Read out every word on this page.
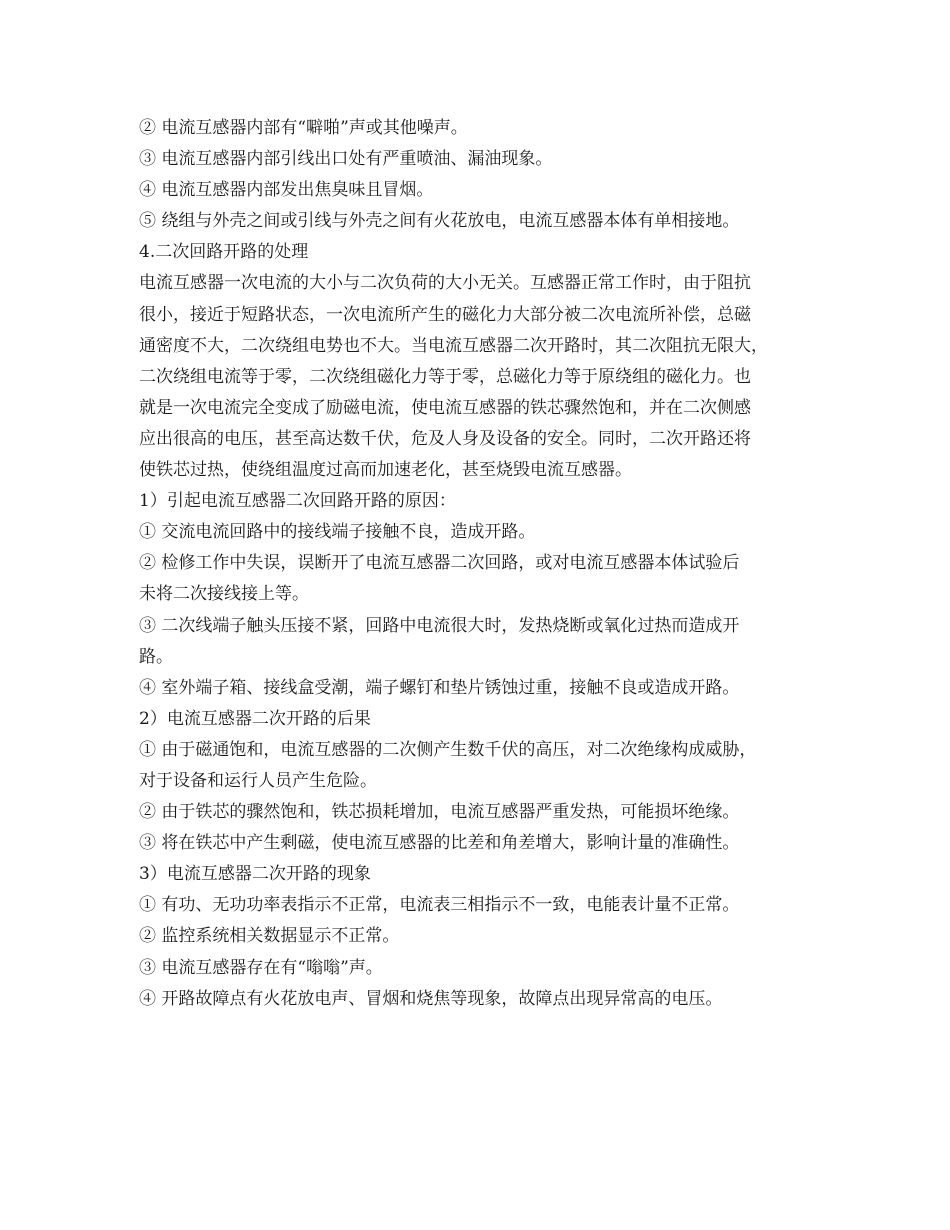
② 电流互感器内部有“噼啪”声或其他噪声。

③ 电流互感器内部引线出口处有严重喷油、漏油现象。

④ 电流互感器内部发出焦臭味且冒烟。

⑤ 绕组与外壳之间或引线与外壳之间有火花放电，电流互感器本体有单相接地。

4.二次回路开路的处理

电流互感器一次电流的大小与二次负荷的大小无关。互感器正常工作时，由于阻抗

很小，接近于短路状态，一次电流所产生的磁化力大部分被二次电流所补偿，总磁

通密度不大，二次绕组电势也不大。当电流互感器二次开路时，其二次阻抗无限大，

二次绕组电流等于零，二次绕组磁化力等于零，总磁化力等于原绕组的磁化力。也

就是一次电流完全变成了励磁电流，使电流互感器的铁芯骤然饱和，并在二次侧感

应出很高的电压，甚至高达数千伏，危及人身及设备的安全。同时，二次开路还将

使铁芯过热，使绕组温度过高而加速老化，甚至烧毁电流互感器。

1）引起电流互感器二次回路开路的原因：

① 交流电流回路中的接线端子接触不良，造成开路。

② 检修工作中失误，误断开了电流互感器二次回路，或对电流互感器本体试验后

未将二次接线接上等。

③ 二次线端子触头压接不紧，回路中电流很大时，发热烧断或氧化过热而造成开

路。

④ 室外端子箱、接线盒受潮，端子螺钉和垫片锈蚀过重，接触不良或造成开路。

2）电流互感器二次开路的后果

① 由于磁通饱和，电流互感器的二次侧产生数千伏的高压，对二次绝缘构成威胁，

对于设备和运行人员产生危险。

② 由于铁芯的骤然饱和，铁芯损耗增加，电流互感器严重发热，可能损坏绝缘。

③ 将在铁芯中产生剩磁，使电流互感器的比差和角差增大，影响计量的准确性。

3）电流互感器二次开路的现象

① 有功、无功功率表指示不正常，电流表三相指示不一致，电能表计量不正常。

② 监控系统相关数据显示不正常。

③ 电流互感器存在有“嗡嗡”声。

④ 开路故障点有火花放电声、冒烟和烧焦等现象，故障点出现异常高的电压。
